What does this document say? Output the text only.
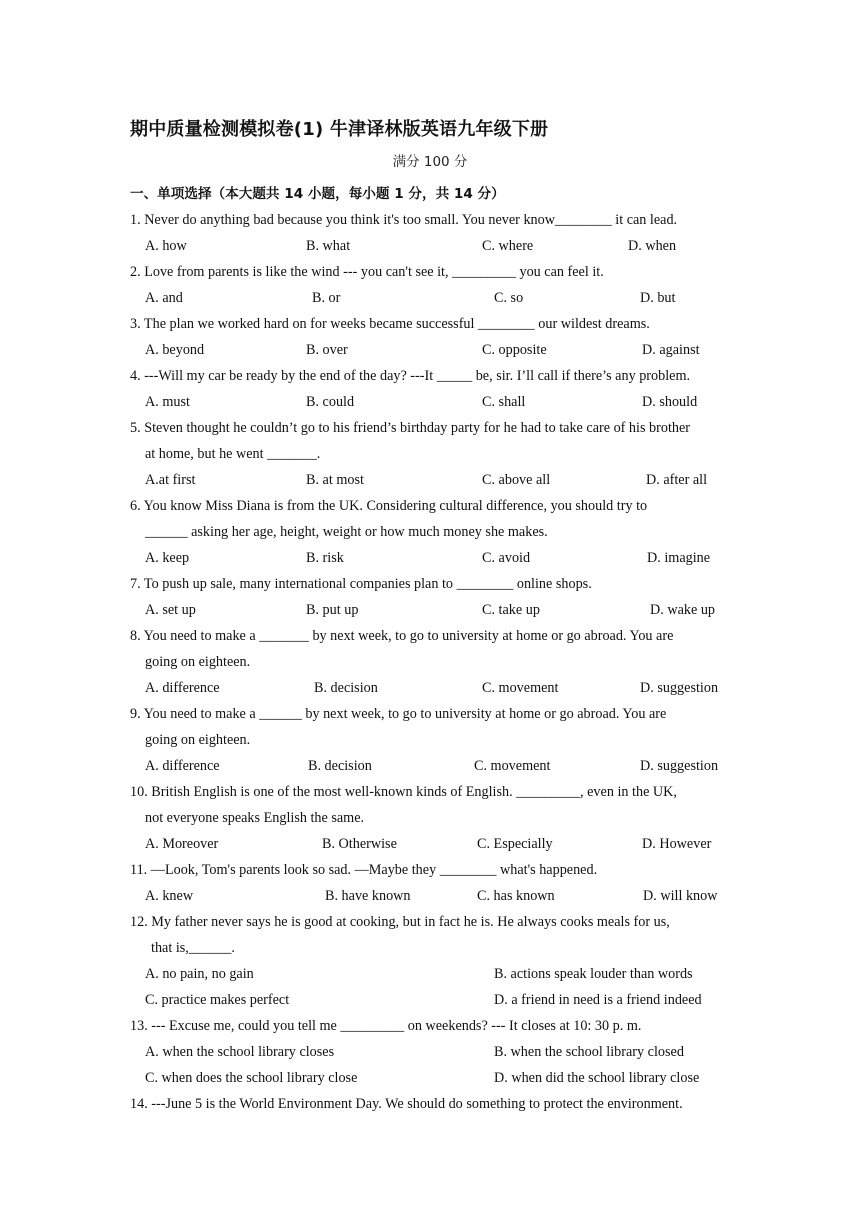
期中质量检测模拟卷(1) 牛津译林版英语九年级下册
满分 100 分
一、单项选择（本大题共 14 小题，每小题 1 分，共 14 分）
1. Never do anything bad because you think it's too small. You never know________ it can lead.
A. how	B. what	C. where	D. when
2. Love from parents is like the wind --- you can't see it, _________ you can feel it.
A. and	B. or	C. so	D. but
3. The plan we worked hard on for weeks became successful ________ our wildest dreams.
A. beyond	B. over	C. opposite	D. against
4. ---Will my car be ready by the end of the day? ---It _____ be, sir. I’ll call if there’s any problem.
A. must	B. could	C. shall	D. should
5. Steven thought he couldn’t go to his friend’s birthday party for he had to take care of his brother
at home, but he went _______.
A.at first	B. at most	C. above all	D. after all
6. You know Miss Diana is from the UK. Considering cultural difference, you should try to
______ asking her age, height, weight or how much money she makes.
A. keep	B. risk	C. avoid	D. imagine
7. To push up sale, many international companies plan to ________ online shops.
A. set up	B. put up	C. take up	D. wake up
8. You need to make a _______ by next week, to go to university at home or go abroad. You are
going on eighteen.
A. difference	B. decision	C. movement	D. suggestion
9. You need to make a ______ by next week, to go to university at home or go abroad. You are
going on eighteen.
A. difference	B. decision	C. movement	D. suggestion
10. British English is one of the most well-known kinds of English. _________, even in the UK,
not everyone speaks English the same.
A. Moreover	B. Otherwise	C. Especially	D. However
11. —Look, Tom's parents look so sad. —Maybe they ________ what's happened.
A. knew	B. have known	C. has known	D. will know
12. My father never says he is good at cooking, but in fact he is. He always cooks meals for us,
that is,______.
A. no pain, no gain	B. actions speak louder than words
C. practice makes perfect	D. a friend in need is a friend indeed
13. --- Excuse me, could you tell me _________ on weekends? --- It closes at 10: 30 p. m.
A. when the school library closes	B. when the school library closed
C. when does the school library close	D. when did the school library close
14. ---June 5 is the World Environment Day. We should do something to protect the environment.
